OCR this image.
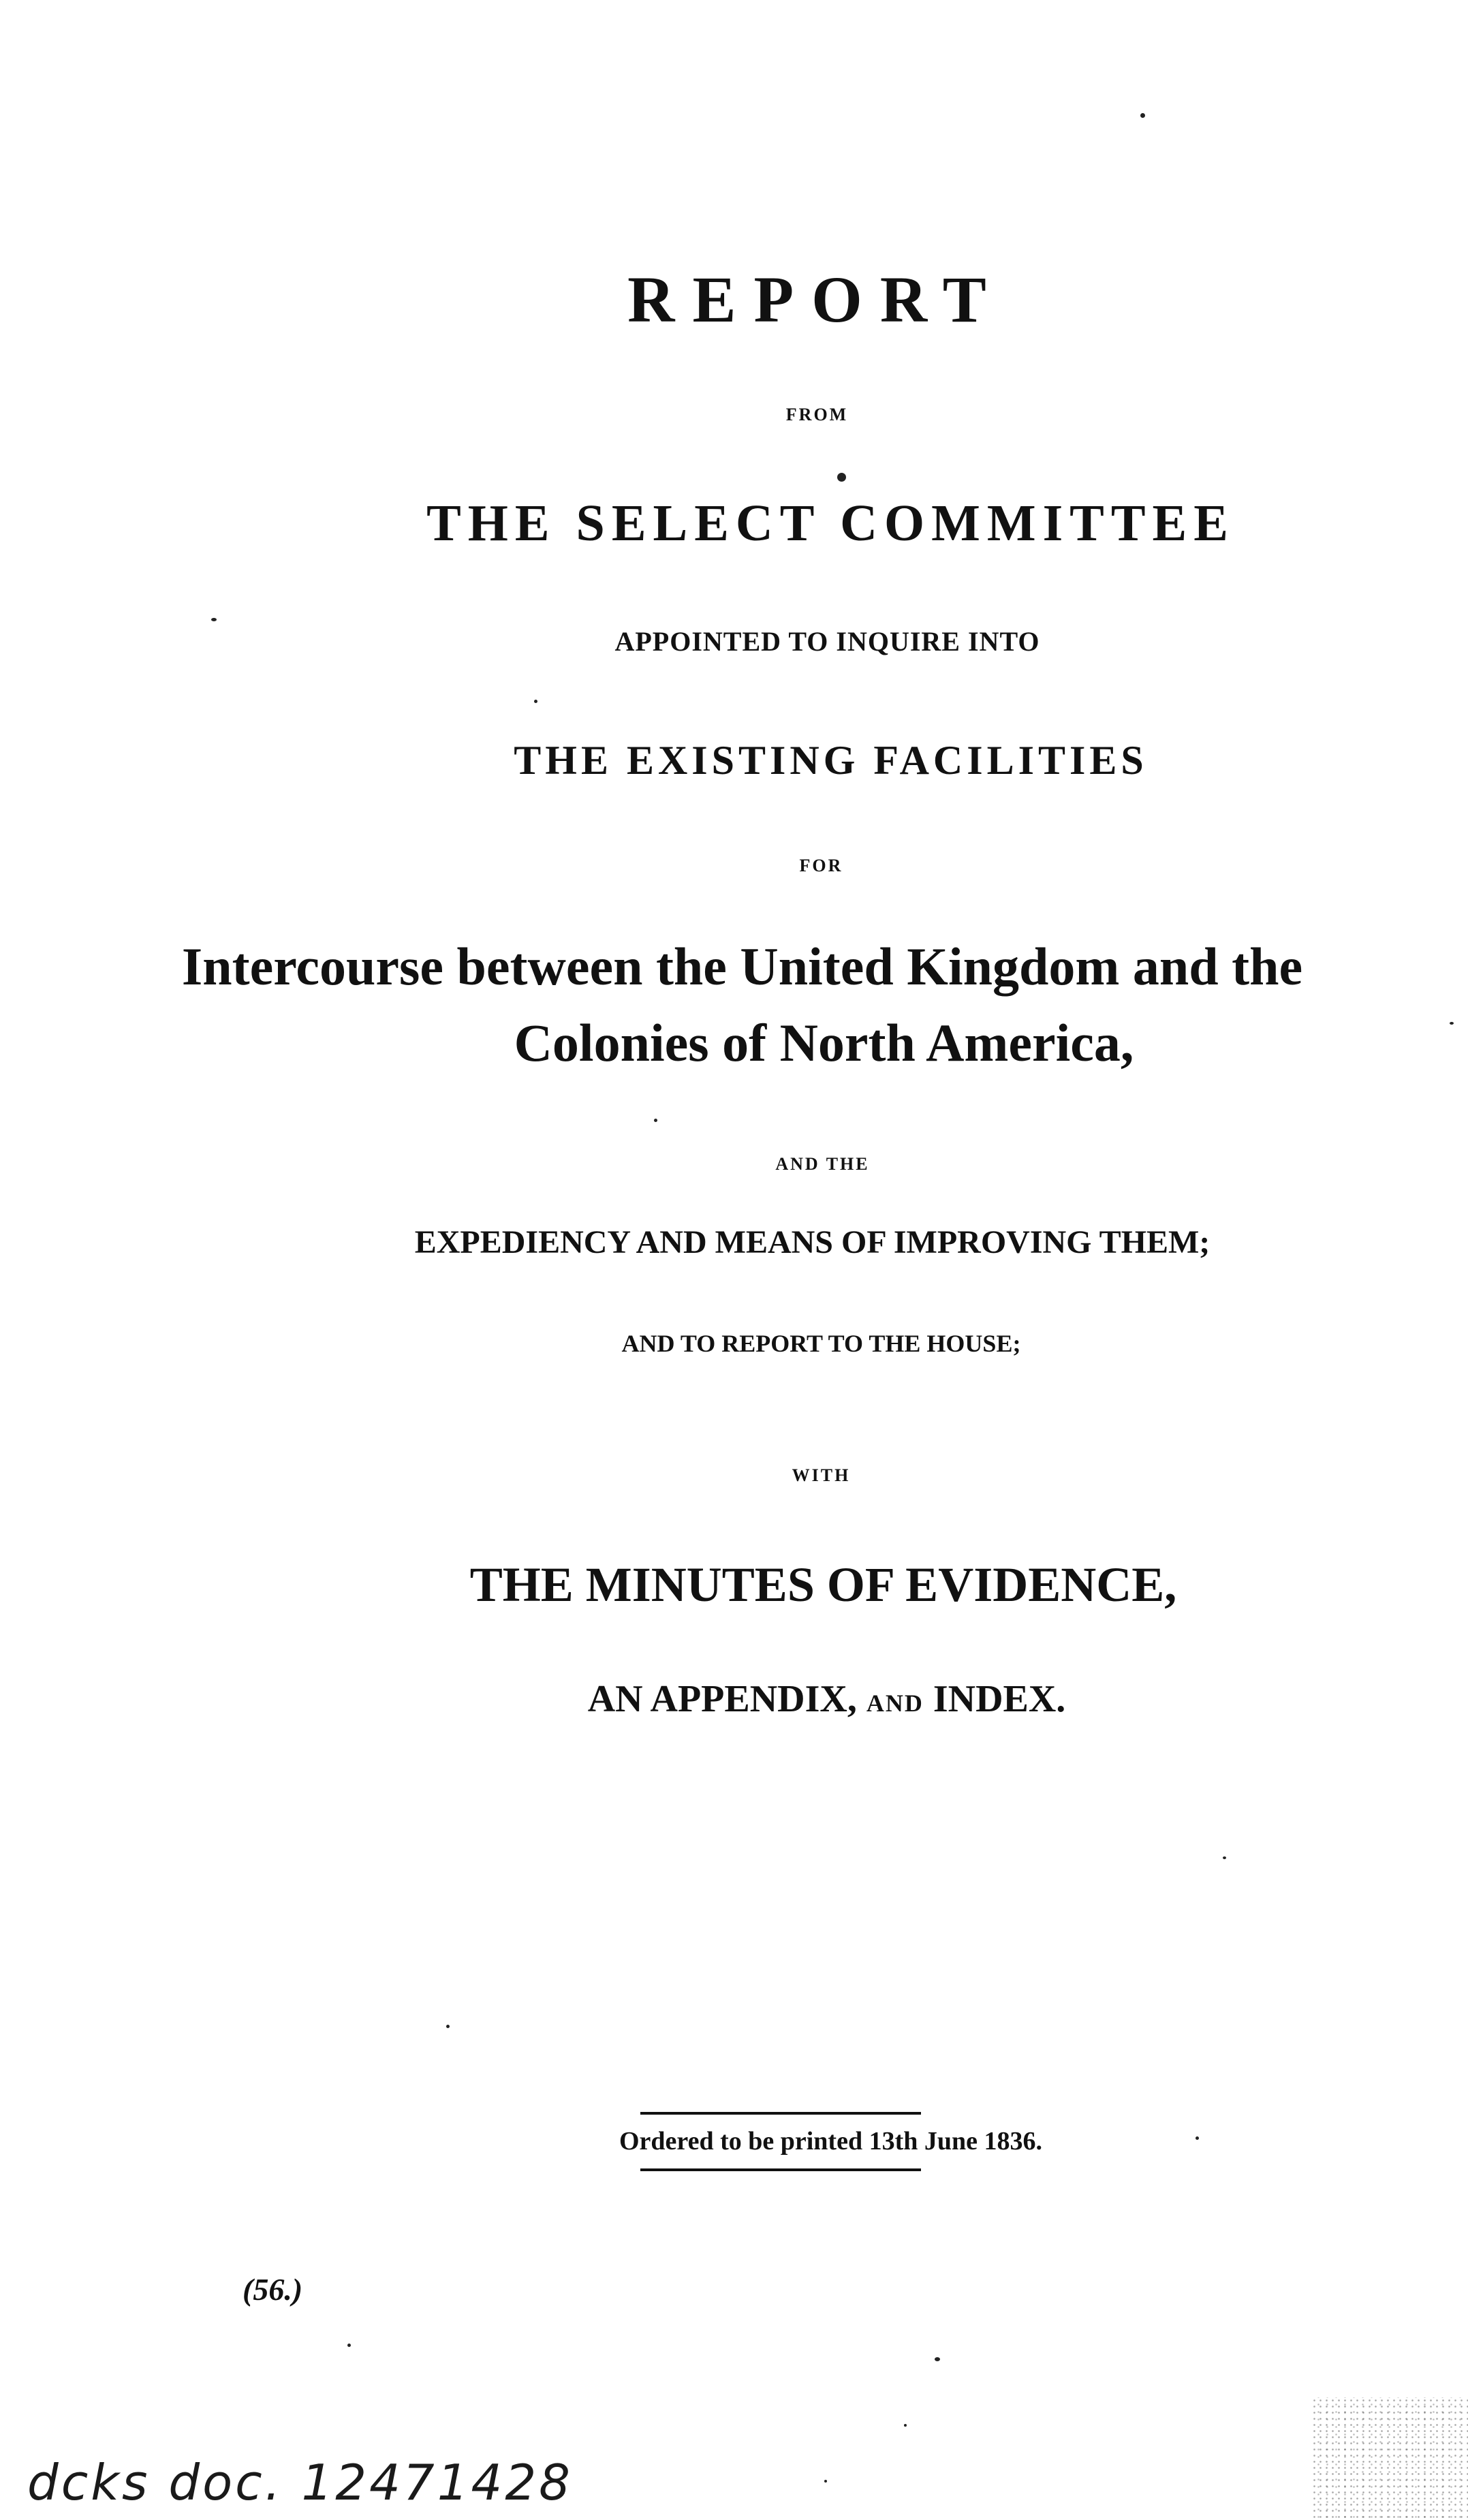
REPORT
FROM
THE SELECT COMMITTEE
APPOINTED TO INQUIRE INTO
THE EXISTING FACILITIES
FOR
Intercourse between the United Kingdom and the
Colonies of North America,
AND THE
EXPEDIENCY AND MEANS OF IMPROVING THEM;
AND TO REPORT TO THE HOUSE;
WITH
THE MINUTES OF EVIDENCE,
AN APPENDIX, AND INDEX.
Ordered to be printed 13th June 1836.
(56.)
dcks doc. 12471428
